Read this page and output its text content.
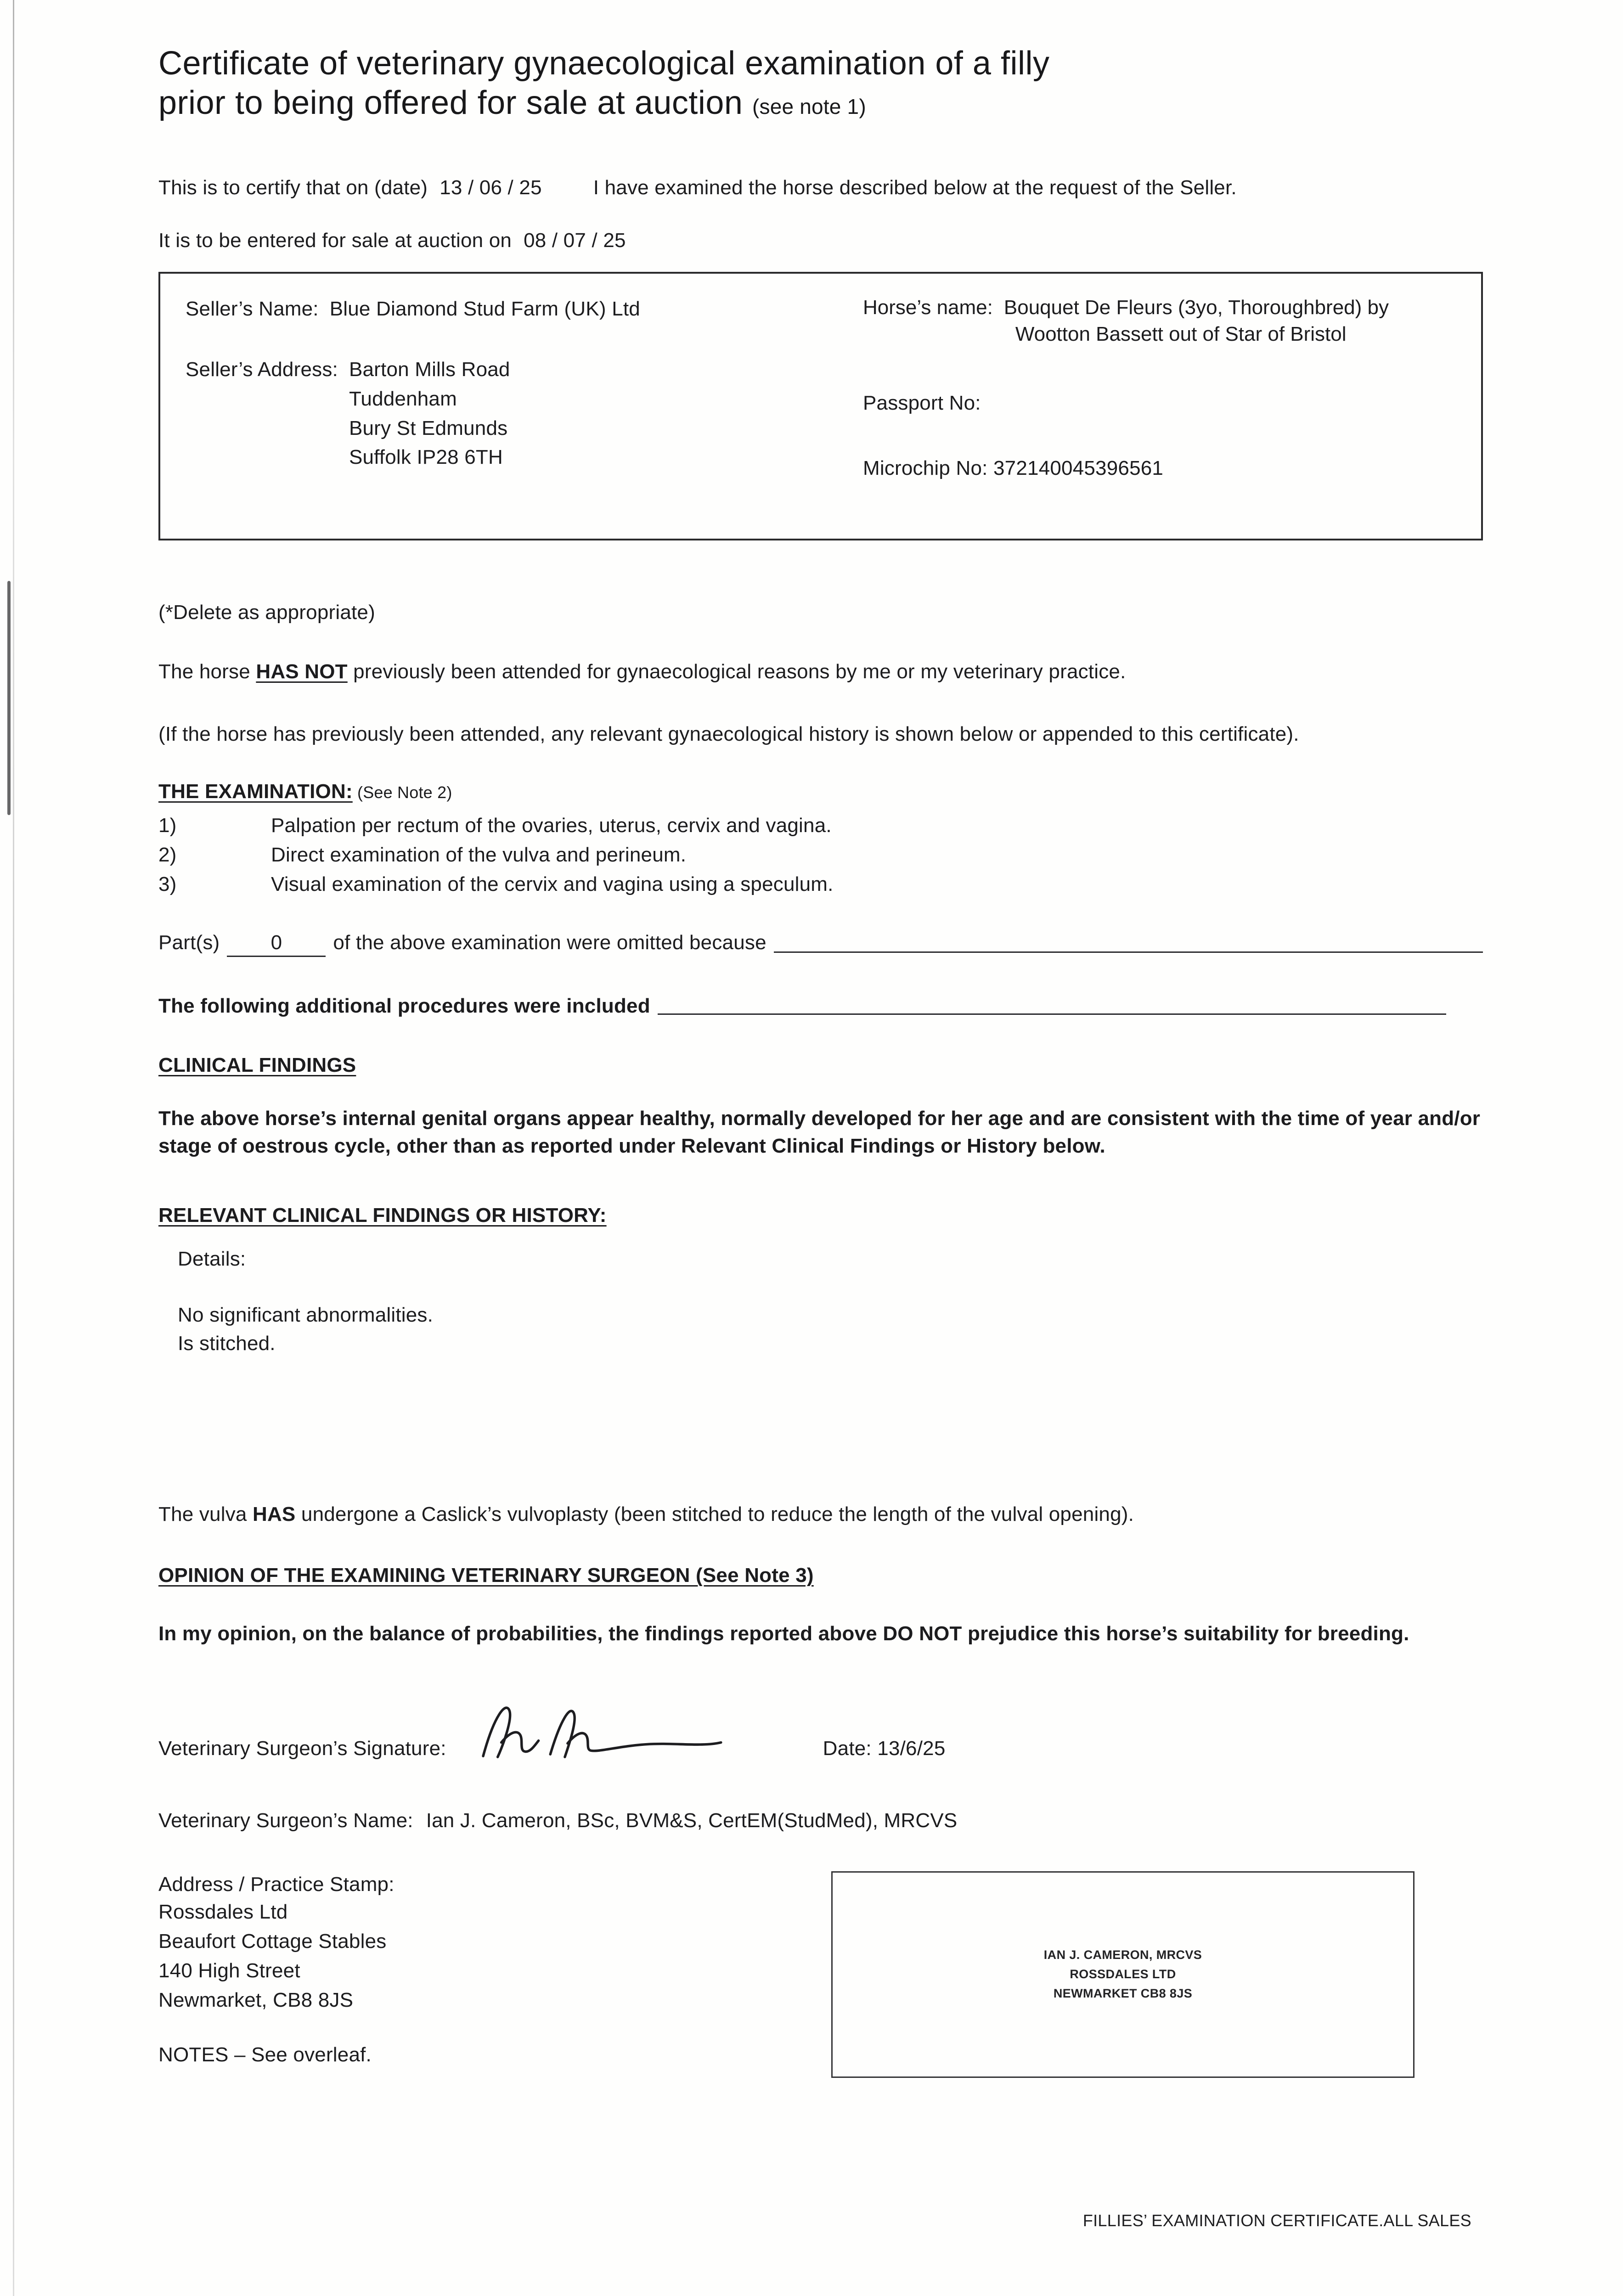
Certificate of veterinary gynaecological examination of a filly
prior to being offered for sale at auction (see note 1)

This is to certify that on (date) 13 / 06 / 25	I have examined the horse described below at the request of the Seller.

It is to be entered for sale at auction on 08 / 07 / 25

Seller’s Name: Blue Diamond Stud Farm (UK) Ltd
Seller’s Address: Barton Mills Road
Tuddenham
Bury St Edmunds
Suffolk IP28 6TH
Horse’s name: Bouquet De Fleurs (3yo, Thoroughbred) by
Wootton Bassett out of Star of Bristol

Passport No:

Microchip No: 372140045396561

(*Delete as appropriate)

The horse HAS NOT previously been attended for gynaecological reasons by me or my veterinary practice.

(If the horse has previously been attended, any relevant gynaecological history is shown below or appended to this certificate).

THE EXAMINATION: (See Note 2)

1)	Palpation per rectum of the ovaries, uterus, cervix and vagina.
2)	Direct examination of the vulva and perineum.
3)	Visual examination of the cervix and vagina using a speculum.

Part(s)	0	of the above examination were omitted because

The following additional procedures were included

CLINICAL FINDINGS

The above horse’s internal genital organs appear healthy, normally developed for her age and are consistent with the time of year and/or stage of oestrous cycle, other than as reported under Relevant Clinical Findings or History below.

RELEVANT CLINICAL FINDINGS OR HISTORY:

Details:

No significant abnormalities.
Is stitched.

The vulva HAS undergone a Caslick’s vulvoplasty (been stitched to reduce the length of the vulval opening).

OPINION OF THE EXAMINING VETERINARY SURGEON (See Note 3)

In my opinion, on the balance of probabilities, the findings reported above DO NOT prejudice this horse’s suitability for breeding.

Veterinary Surgeon’s Signature:	Date: 13/6/25

Veterinary Surgeon’s Name: Ian J. Cameron, BSc, BVM&S, CertEM(StudMed), MRCVS

Address / Practice Stamp:

Rossdales Ltd
Beaufort Cottage Stables
140 High Street
Newmarket, CB8 8JS

NOTES – See overleaf.

IAN J. CAMERON, MRCVS
ROSSDALES LTD
NEWMARKET CB8 8JS
FILLIES’ EXAMINATION CERTIFICATE.ALL SALES
